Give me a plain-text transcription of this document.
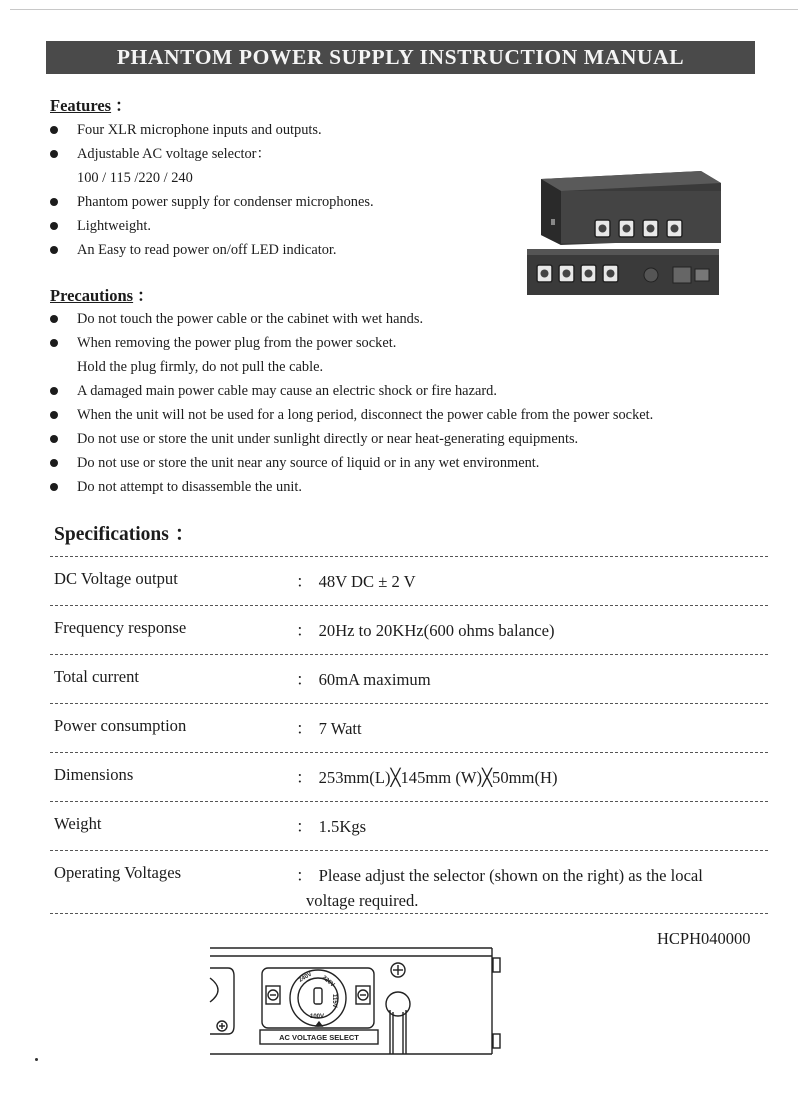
PHANTOM POWER SUPPLY INSTRUCTION MANUAL
Features ：
Four XLR microphone inputs and outputs.
Adjustable AC voltage selector：
100 / 115 /220 / 240
Phantom power supply for condenser microphones.
Lightweight.
An Easy to read power on/off LED indicator.
Precautions ：
Do not touch the power cable or the cabinet with wet hands.
When removing the power plug from the power socket.
Hold the plug firmly, do not pull the cable.
A damaged main power cable may cause an electric shock or fire hazard.
When the unit will not be used for a long period, disconnect the power cable from the power socket.
Do not use or store the unit under sunlight directly or near heat-generating equipments.
Do not use or store the unit near any source of liquid or in any wet environment.
Do not attempt to disassemble the unit.
Specifications ：
DC Voltage output	： 48V DC ± 2 V
Frequency response	： 20Hz to 20KHz(600 ohms balance)
Total current	： 60mA maximum
Power consumption	： 7 Watt
Dimensions	： 253mm(L)╳145mm (W)╳50mm(H)
Weight	： 1.5Kgs
Operating Voltages	： Please adjust the selector (shown on the right) as the local
voltage required.
HCPH040000
240V 220V
115V
100V
AC VOLTAGE SELECT
